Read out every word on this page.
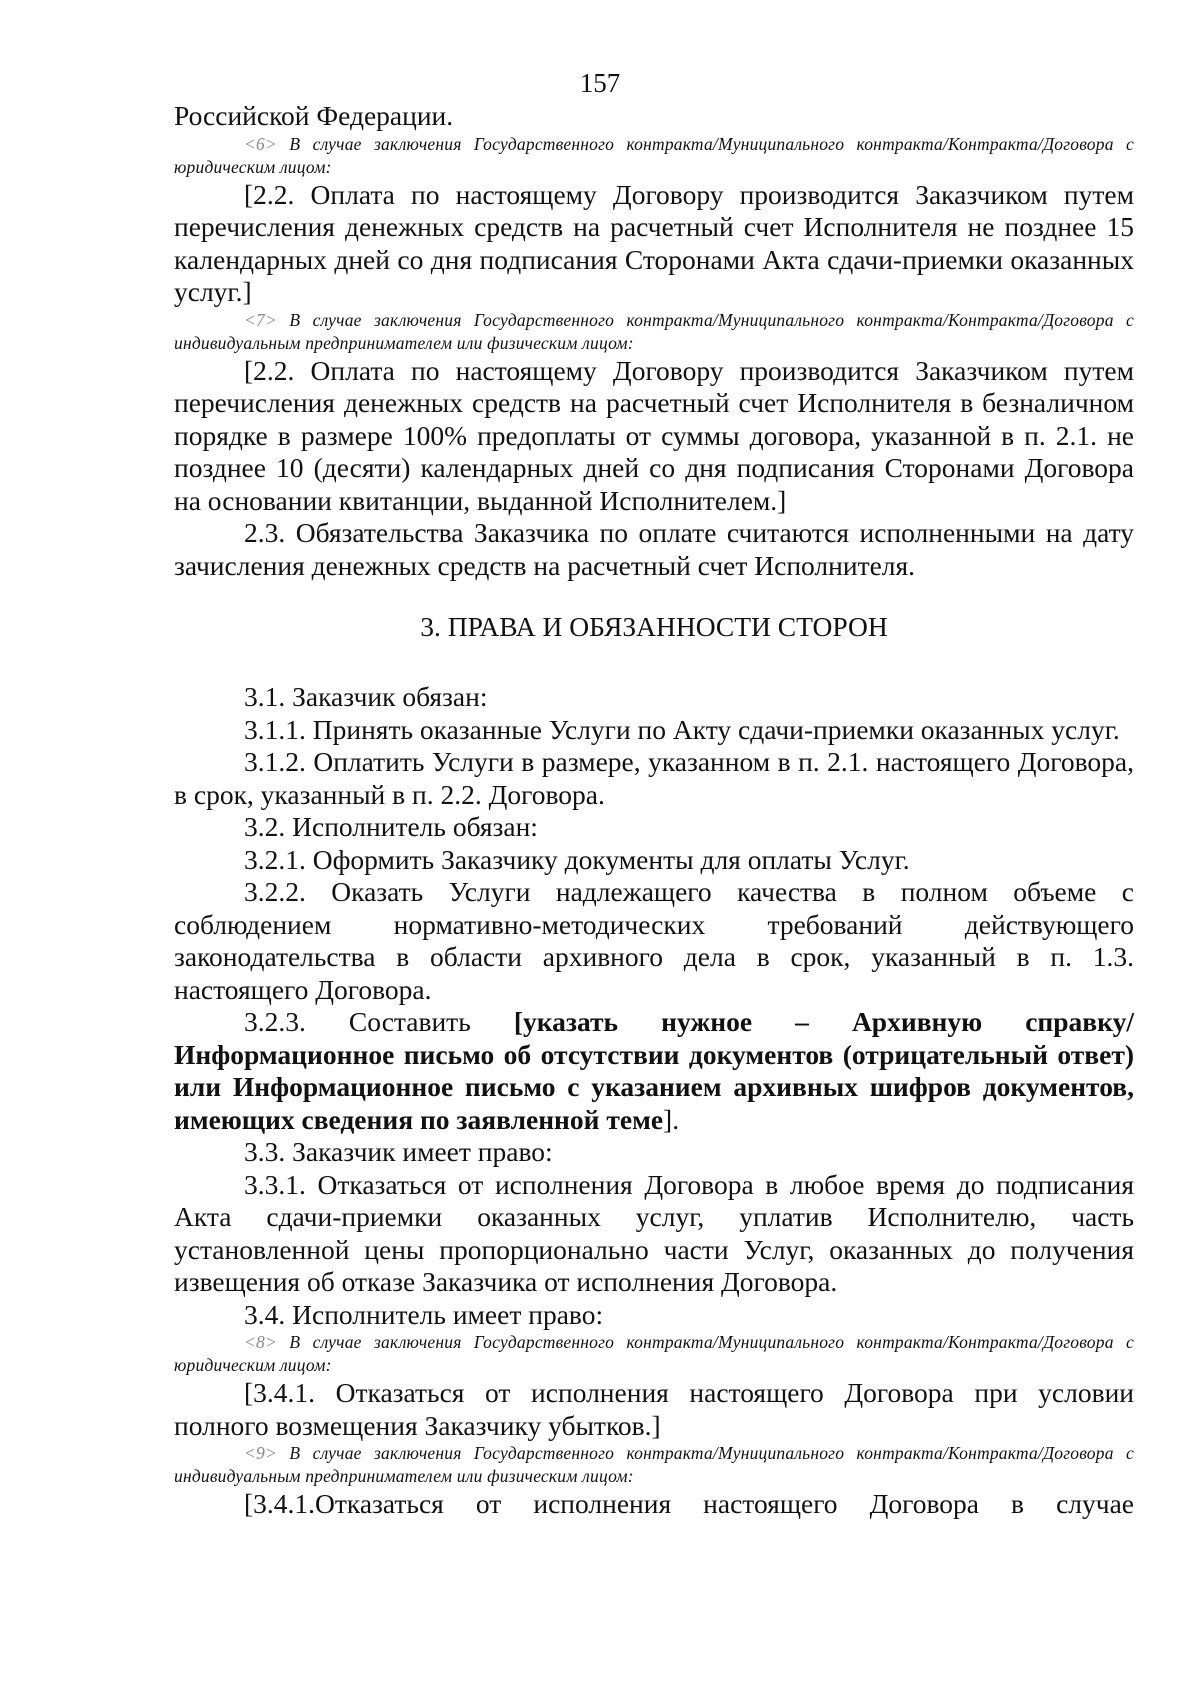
157

Российской Федерации.

<6> В случае заключения Государственного контракта/Муниципального контракта/Контракта/Договора с юридическим лицом:

[2.2. Оплата по настоящему Договору производится Заказчиком путем перечисления денежных средств на расчетный счет Исполнителя не позднее 15 календарных дней со дня подписания Сторонами Акта сдачи-приемки оказанных услуг.]

<7> В случае заключения Государственного контракта/Муниципального контракта/Контракта/Договора с индивидуальным предпринимателем или физическим лицом:

[2.2. Оплата по настоящему Договору производится Заказчиком путем перечисления денежных средств на расчетный счет Исполнителя в безналичном порядке в размере 100% предоплаты от суммы договора, указанной в п. 2.1. не позднее 10 (десяти) календарных дней со дня подписания Сторонами Договора на основании квитанции, выданной Исполнителем.]

2.3. Обязательства Заказчика по оплате считаются исполненными на дату зачисления денежных средств на расчетный счет Исполнителя.

3. ПРАВА И ОБЯЗАННОСТИ СТОРОН

3.1. Заказчик обязан:

3.1.1. Принять оказанные Услуги по Акту сдачи-приемки оказанных услуг.

3.1.2. Оплатить Услуги в размере, указанном в п. 2.1. настоящего Договора, в срок, указанный в п. 2.2. Договора.

3.2. Исполнитель обязан:

3.2.1. Оформить Заказчику документы для оплаты Услуг.

3.2.2. Оказать Услуги надлежащего качества в полном объеме с соблюдением нормативно-методических требований действующего законодательства в области архивного дела в срок, указанный в п. 1.3. настоящего Договора.

3.2.3. Составить [указать нужное – Архивную справку/Информационное письмо об отсутствии документов (отрицательный ответ) или Информационное письмо с указанием архивных шифров документов, имеющих сведения по заявленной теме].

3.3. Заказчик имеет право:

3.3.1. Отказаться от исполнения Договора в любое время до подписания Акта сдачи-приемки оказанных услуг, уплатив Исполнителю, часть установленной цены пропорционально части Услуг, оказанных до получения извещения об отказе Заказчика от исполнения Договора.

3.4. Исполнитель имеет право:

<8> В случае заключения Государственного контракта/Муниципального контракта/Контракта/Договора с юридическим лицом:

[3.4.1. Отказаться от исполнения настоящего Договора при условии полного возмещения Заказчику убытков.]

<9> В случае заключения Государственного контракта/Муниципального контракта/Контракта/Договора с индивидуальным предпринимателем или физическим лицом:

[3.4.1.Отказаться от исполнения настоящего Договора в случае
